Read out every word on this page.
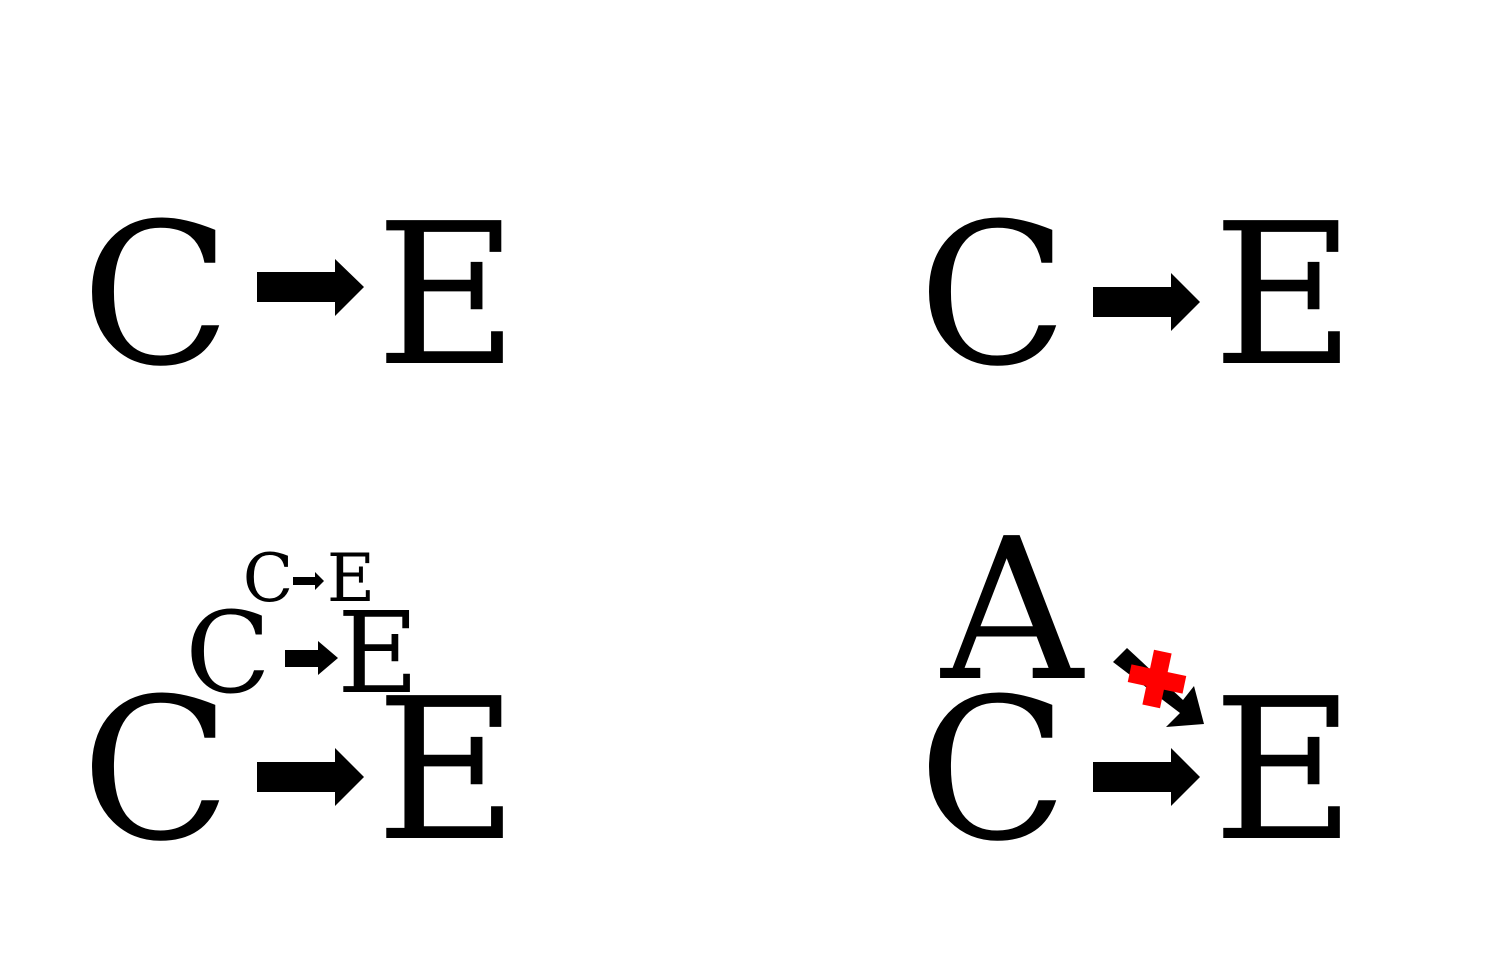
C E C E
C E
C E
C E
A
C E
